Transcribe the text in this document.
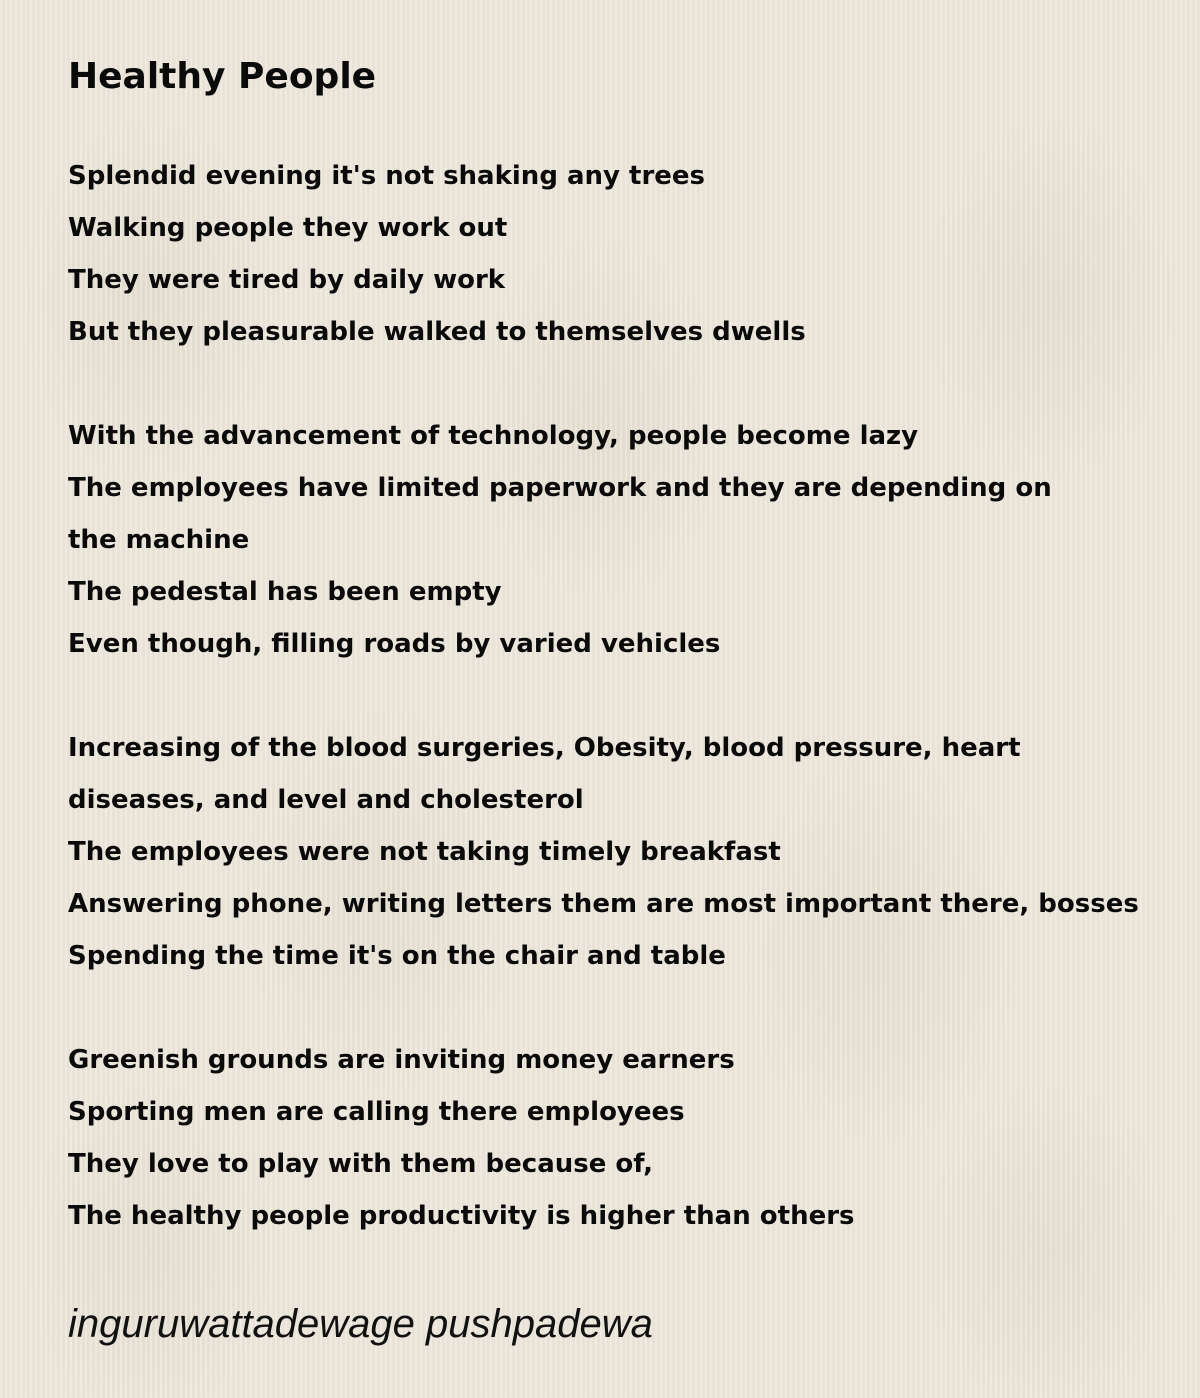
Healthy People
Splendid evening it's not shaking any trees
Walking people they work out
They were tired by daily work
But they pleasurable walked to themselves dwells
With the advancement of technology, people become lazy
The employees have limited paperwork and they are depending on
the machine
The pedestal has been empty
Even though, filling roads by varied vehicles
Increasing of the blood surgeries, Obesity, blood pressure, heart
diseases, and level and cholesterol
The employees were not taking timely breakfast
Answering phone, writing letters them are most important there, bosses
Spending the time it's on the chair and table
Greenish grounds are inviting money earners
Sporting men are calling there employees
They love to play with them because of,
The healthy people productivity is higher than others
inguruwattadewage pushpadewa
